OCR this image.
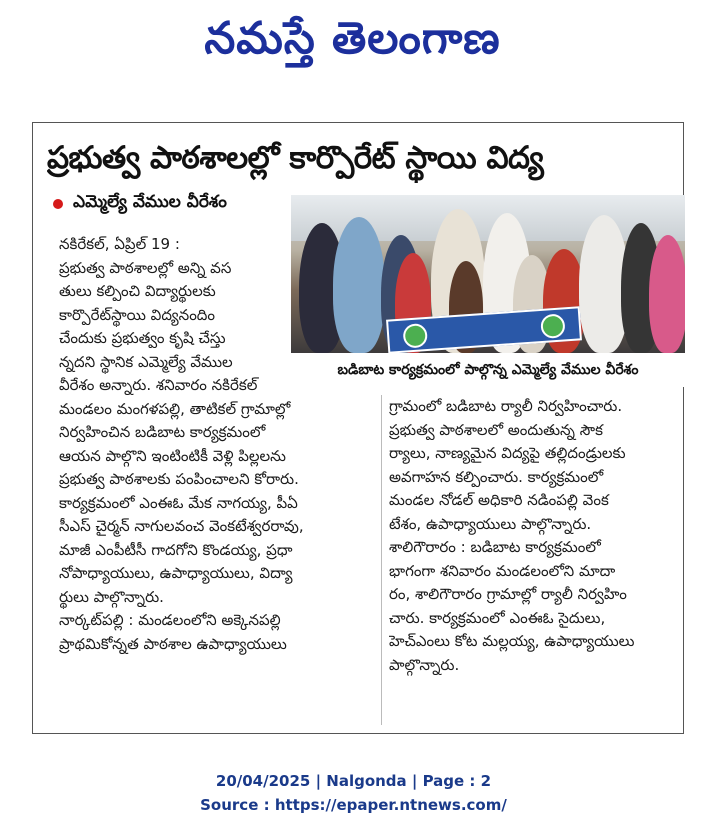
నమస్తే తెలంగాణ
ప్రభుత్వ పాఠశాలల్లో కార్పొరేట్ స్థాయి విద్య
ఎమ్మెల్యే వేముల వీరేశం
బడిబాట కార్యక్రమంలో పాల్గొన్న ఎమ్మెల్యే వేముల వీరేశం
నకిరేకల్, ఏప్రిల్ 19 :
ప్రభుత్వ పాఠశాలల్లో అన్ని వస
తులు కల్పించి విద్యార్థులకు
కార్పొరేట్‌స్థాయి విద్యనందిం
చేందుకు ప్రభుత్వం కృషి చేస్తు
న్నదని స్థానిక ఎమ్మెల్యే వేముల
వీరేశం అన్నారు. శనివారం నకిరేకల్
మండలం మంగళపల్లి, తాటికల్ గ్రామాల్లో
నిర్వహించిన బడిబాట కార్యక్రమంలో
ఆయన పాల్గొని ఇంటింటికీ వెళ్లి పిల్లలను
ప్రభుత్వ పాఠశాలకు పంపించాలని కోరారు.
కార్యక్రమంలో ఎంఈఓ మేక నాగయ్య, పీఏ
సీఎస్ చైర్మన్ నాగులవంచ వెంకటేశ్వరరావు,
మాజీ ఎంపీటీసీ గాదగోని కొండయ్య, ప్రధా
నోపాధ్యాయులు, ఉపాధ్యాయులు, విద్యా
ర్థులు పాల్గొన్నారు.
నార్కట్‌పల్లి : మండలంలోని అక్కెనపల్లి
ప్రాథమికోన్నత పాఠశాల ఉపాధ్యాయులు
గ్రామంలో బడిబాట ర్యాలీ నిర్వహించారు.
ప్రభుత్వ పాఠశాలలో అందుతున్న సౌక
ర్యాలు, నాణ్యమైన విద్యపై తల్లిదండ్రులకు
అవగాహన కల్పించారు. కార్యక్రమంలో
మండల నోడల్ అధికారి నడింపల్లి వెంక
టేశం, ఉపాధ్యాయులు పాల్గొన్నారు.
శాలిగౌరారం : బడిబాట కార్యక్రమంలో
భాగంగా శనివారం మండలంలోని మాదా
రం, శాలిగౌరారం గ్రామాల్లో ర్యాలీ నిర్వహిం
చారు. కార్యక్రమంలో ఎంఈఓ సైదులు,
హెచ్‌ఎంలు కోట మల్లయ్య, ఉపాధ్యాయులు
పాల్గొన్నారు.
20/04/2025 | Nalgonda | Page : 2
Source : https://epaper.ntnews.com/
